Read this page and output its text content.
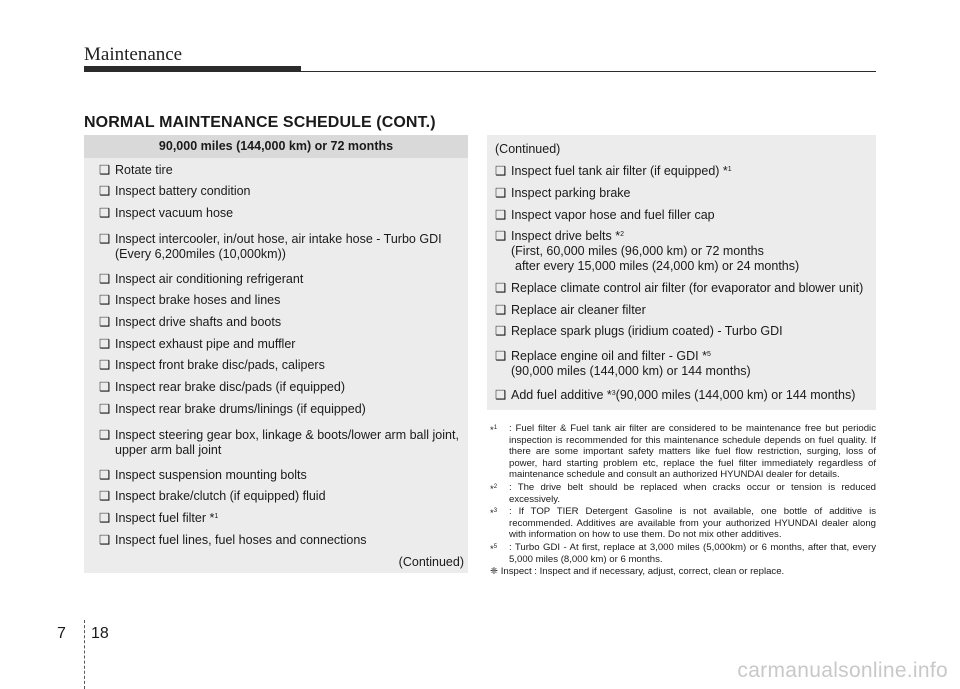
Maintenance
NORMAL MAINTENANCE SCHEDULE (CONT.)
90,000 miles (144,000 km) or 72 months
❑ Rotate tire
❑ Inspect battery condition
❑ Inspect vacuum hose
❑ Inspect intercooler, in/out hose, air intake hose - Turbo GDI
(Every 6,200miles (10,000km))
❑ Inspect air conditioning refrigerant
❑ Inspect brake hoses and lines
❑ Inspect drive shafts and boots
❑ Inspect exhaust pipe and muffler
❑ Inspect front brake disc/pads, calipers
❑ Inspect rear brake disc/pads (if equipped)
❑ Inspect rear brake drums/linings (if equipped)
❑ Inspect steering gear box, linkage & boots/lower arm ball joint,
upper arm ball joint
❑ Inspect suspension mounting bolts
❑ Inspect brake/clutch (if equipped) fluid
❑ Inspect fuel filter *$^1$
❑ Inspect fuel lines, fuel hoses and connections
(Continued)
(Continued)
❑ Inspect fuel tank air filter (if equipped) *$^1$
❑ Inspect parking brake
❑ Inspect vapor hose and fuel filler cap
❑ Inspect drive belts *$^2$
(First, 60,000 miles (96,000 km) or 72 months
after every 15,000 miles (24,000 km) or 24 months)
❑ Replace climate control air filter (for evaporator and blower unit)
❑ Replace air cleaner filter
❑ Replace spark plugs (iridium coated) - Turbo GDI
❑ Replace engine oil and filter - GDI *$^5$
(90,000 miles (144,000 km) or 144 months)
❑ Add fuel additive *$^3$(90,000 miles (144,000 km) or 144 months)
*$^1$ : Fuel filter & Fuel tank air filter are considered to be maintenance free but periodic inspection is recommended for this maintenance schedule depends on fuel quality. If there are some important safety matters like fuel flow restriction, surging, loss of power, hard starting problem etc, replace the fuel filter immediately regardless of maintenance schedule and consult an authorized HYUNDAI dealer for details.
*$^2$ : The drive belt should be replaced when cracks occur or tension is reduced excessively.
*$^3$ : If TOP TIER Detergent Gasoline is not available, one bottle of additive is recommended. Additives are available from your authorized HYUNDAI dealer along with information on how to use them. Do not mix other additives.
*$^5$ : Turbo GDI - At first, replace at 3,000 miles (5,000km) or 6 months, after that, every 5,000 miles (8,000 km) or 6 months.
❈ Inspect : Inspect and if necessary, adjust, correct, clean or replace.
7 18
carmanualsonline.info
